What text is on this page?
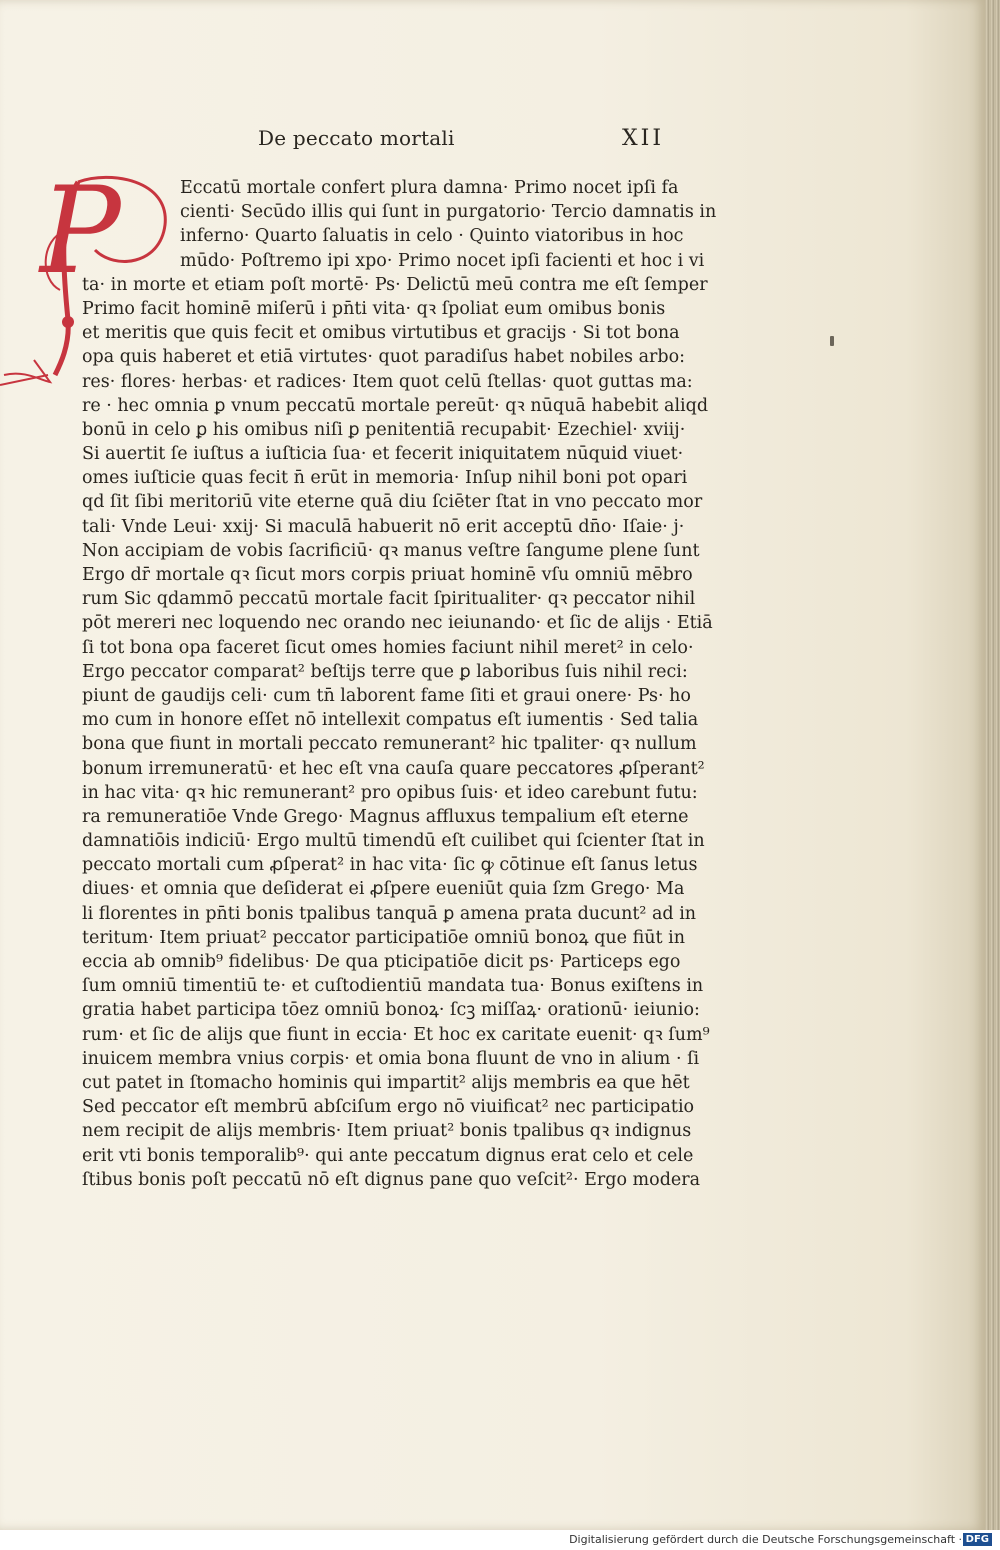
De peccato mortali	XII
P	Eccatū mortale confert plura damna· Primo nocet ipſi fa
cienti· Secūdo illis qui ſunt in purgatorio· Tercio damnatis in
inferno· Quarto ſaluatis in celo · Quinto viatoribus in hoc
mūdo· Poſtremo ipi xpo· Primo nocet ipſi facienti et hoc i vi
ta· in morte et etiam poſt mortē· Ps· Delictū meū contra me eſt ſemper
Primo facit hominē miſerū i pn̄ti vita· qꝛ ſpoliat eum omibus bonis
et meritis que quis fecit et omibus virtutibus et gracijs · Si tot bona
opa quis haberet et etiā virtutes· quot paradiſus habet nobiles arbo:
res· flores· herbas· et radices· Item quot celū ſtellas· quot guttas ma:
re · hec omnia ꝑ vnum peccatū mortale pereūt· qꝛ nūquā habebit aliqd
bonū in celo ꝑ his omibus niſi ꝑ penitentiā recupabit· Ezechiel· xviij·
Si auertit ſe iuſtus a iuſticia ſua· et fecerit iniquitatem nūquid viuet·
omes iuſticie quas fecit n̄ erūt in memoria· Inſup nihil boni pot opari
qd ſit ſibi meritoriū vite eterne quā diu ſciēter ſtat in vno peccato mor
tali· Vnde Leui· xxij· Si maculā habuerit nō erit acceptū dn̄o· Iſaie· j·
Non accipiam de vobis ſacrificiū· qꝛ manus veſtre ſangume plene ſunt
Ergo dr̄ mortale qꝛ ſicut mors corpis priuat hominē vſu omniū mēbro
rum Sic qdammō peccatū mortale facit ſpiritualiter· qꝛ peccator nihil
pōt mereri nec loquendo nec orando nec ieiunando· et ſic de alijs · Etiā
ſi tot bona opa faceret ſicut omes homies faciunt nihil meret² in celo·
Ergo peccator comparat² beſtijs terre que ꝑ laboribus ſuis nihil reci:
piunt de gaudijs celi· cum tn̄ laborent fame ſiti et graui onere· Ps· ho
mo cum in honore eſſet nō intellexit compatus eſt iumentis · Sed talia
bona que fiunt in mortali peccato remunerant² hic tpaliter· qꝛ nullum
bonum irremuneratū· et hec eſt vna cauſa quare peccatores ꝓſperant²
in hac vita· qꝛ hic remunerant² pro opibus ſuis· et ideo carebunt futu:
ra remuneratiōe Vnde Grego· Magnus affluxus tempalium eſt eterne
damnatiōis indiciū· Ergo multū timendū eſt cuilibet qui ſcienter ſtat in
peccato mortali cum ꝓſperat² in hac vita· ſic ꝙ cōtinue eſt ſanus letus
diues· et omnia que deſiderat ei ꝓſpere eueniūt quia ſzm Grego· Ma
li florentes in pn̄ti bonis tpalibus tanquā ꝑ amena prata ducunt² ad in
teritum· Item priuat² peccator participatiōe omniū bonoꝝ que fiūt in
eccia ab omnib⁹ fidelibus· De qua pticipatiōe dicit ps· Particeps ego
ſum omniū timentiū te· et cuſtodientiū mandata tua· Bonus exiſtens in
gratia habet participa tōez omniū bonoꝝ· ſcꝫ miſſaꝝ· orationū· ieiunio:
rum· et ſic de alijs que fiunt in eccia· Et hoc ex caritate euenit· qꝛ ſum⁹
inuicem membra vnius corpis· et omia bona fluunt de vno in alium · ſi
cut patet in ſtomacho hominis qui impartit² alijs membris ea que hēt
Sed peccator eſt membrū abſciſum ergo nō viuificat² nec participatio
nem recipit de alijs membris· Item priuat² bonis tpalibus qꝛ indignus
erit vti bonis temporalib⁹· qui ante peccatum dignus erat celo et cele
ſtibus bonis poſt peccatū nō eſt dignus pane quo veſcit²· Ergo modera
Digitalisierung gefördert durch die Deutsche Forschungsgemeinschaft · DFG
